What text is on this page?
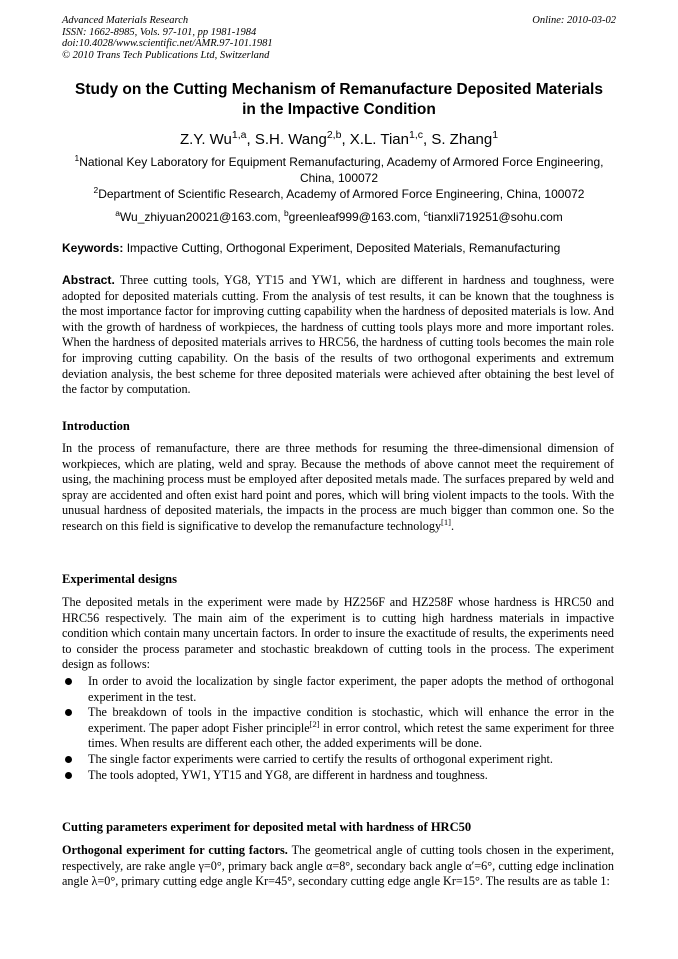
Advanced Materials Research
ISSN: 1662-8985, Vols. 97-101, pp 1981-1984
doi:10.4028/www.scientific.net/AMR.97-101.1981
© 2010 Trans Tech Publications Ltd, Switzerland
Online: 2010-03-02
Study on the Cutting Mechanism of Remanufacture Deposited Materials
in the Impactive Condition
Z.Y. Wu$^{1,a}$, S.H. Wang$^{2,b}$, X.L. Tian$^{1,c}$, S. Zhang$^1$
$^1$National Key Laboratory for Equipment Remanufacturing, Academy of Armored Force Engineering, China, 100072
$^2$Department of Scientific Research, Academy of Armored Force Engineering, China, 100072
$^a$Wu_zhiyuan20021@163.com, $^b$greenleaf999@163.com, $^c$tianxli719251@sohu.com
Keywords: Impactive Cutting, Orthogonal Experiment, Deposited Materials, Remanufacturing
Abstract. Three cutting tools, YG8, YT15 and YW1, which are different in hardness and toughness, were adopted for deposited materials cutting. From the analysis of test results, it can be known that the toughness is the most importance factor for improving cutting capability when the hardness of deposited materials is low. And with the growth of hardness of workpieces, the hardness of cutting tools plays more and more important roles. When the hardness of deposited materials arrives to HRC56, the hardness of cutting tools becomes the main role for improving cutting capability. On the basis of the results of two orthogonal experiments and extremum deviation analysis, the best scheme for three deposited materials were achieved after obtaining the best level of the factor by computation.
Introduction
In the process of remanufacture, there are three methods for resuming the three-dimensional dimension of workpieces, which are plating, weld and spray. Because the methods of above cannot meet the requirement of using, the machining process must be employed after deposited metals made. The surfaces prepared by weld and spray are accidented and often exist hard point and pores, which will bring violent impacts to the tools. With the unusual hardness of deposited materials, the impacts in the process are much bigger than common one. So the research on this field is significative to develop the remanufacture technology[1].
Experimental designs
The deposited metals in the experiment were made by HZ256F and HZ258F whose hardness is HRC50 and HRC56 respectively. The main aim of the experiment is to cutting high hardness materials in impactive condition which contain many uncertain factors. In order to insure the exactitude of results, the experiments need to consider the process parameter and stochastic breakdown of cutting tools in the process. The experiment design as follows:
In order to avoid the localization by single factor experiment, the paper adopts the method of orthogonal experiment in the test.
The breakdown of tools in the impactive condition is stochastic, which will enhance the error in the experiment. The paper adopt Fisher principle[2] in error control, which retest the same experiment for three times. When results are different each other, the added experiments will be done.
The single factor experiments were carried to certify the results of orthogonal experiment right.
The tools adopted, YW1, YT15 and YG8, are different in hardness and toughness.
Cutting parameters experiment for deposited metal with hardness of HRC50
Orthogonal experiment for cutting factors. The geometrical angle of cutting tools chosen in the experiment, respectively, are rake angle γ=0°, primary back angle α=8°, secondary back angle α′=6°, cutting edge inclination angle λ=0°, primary cutting edge angle Kr=45°, secondary cutting edge angle Kr=15°. The results are as table 1:
